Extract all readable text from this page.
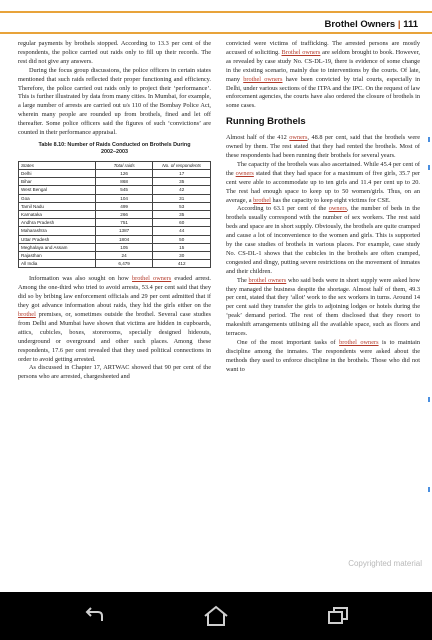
Brothel Owners | 111

regular payments by brothels stopped. According to 13.3 per cent of the respondents, the police carried out raids only to fill up their records. The rest did not give any answers.

During the focus group discussions, the police officers in certain states mentioned that such raids reflected their proper functioning and efficiency. Therefore, the police carried out raids only to project their ‘performance’. This is further illustrated by data from many cities. In Mumbai, for example, a large number of arrests are carried out u/s 110 of the Bombay Police Act, wherein many people are rounded up from brothels, fined and let off thereafter. Some police officers said the figures of such ‘convictions’ are counted in their performance appraisal.

Table 8.10: Number of Raids Conducted on Brothels During
2002–2003
States	Total raids	No. of respondents
Delhi	126	17
Bihar	868	35
West Bengal	545	42
Goa	104	31
Tamil Nadu	499	53
Karnataka	266	35
Andhra Pradesh	751	60
Maharashtra	1387	44
Uttar Pradesh	1804	50
Meghalaya and Assam	105	15
Rajasthan	24	30
All India	6,479	412

Information was also sought on how brothel owners evaded arrest. Among the one-third who tried to avoid arrests, 53.4 per cent said that they did so by bribing law enforcement officials and 29 per cent admitted that if they got advance information about raids, they hid the girls either on the brothel premises, or, sometimes outside the brothel. Several case studies from Delhi and Mumbai have shown that victims are hidden in cupboards, attics, cubicles, boxes, storerooms, specially designed hideouts, underground or overground and other such places. Among these respondents, 17.6 per cent revealed that they used political connections in order to avoid getting arrested.

As discussed in Chapter 17, ARTWAC showed that 90 per cent of the persons who are arrested, chargesheeted and

convicted were victims of trafficking. The arrested persons are mostly accused of soliciting. Brothel owners are seldom brought to book. However, as revealed by case study No. CS-DL-19, there is evidence of some change in the existing scenario, mainly due to interventions by the courts. Of late, many brothel owners have been convicted by trial courts, especially in Delhi, under various sections of the ITPA and the IPC. On the request of law enforcement agencies, the courts have also ordered the closure of brothels in some cases.

Running Brothels

Almost half of the 412 owners, 48.8 per cent, said that the brothels were owned by them. The rest stated that they had rented the brothels. Most of these respondents had been running their brothels for several years.

The capacity of the brothels was also ascertained. While 45.4 per cent of the owners stated that they had space for a maximum of five girls, 35.7 per cent were able to accommodate up to ten girls and 11.4 per cent up to 20. The rest had enough space to keep up to 50 women/girls. Thus, on an average, a brothel has the capacity to keep eight victims for CSE.

According to 63.1 per cent of the owners, the number of beds in the brothels usually correspond with the number of sex workers. The rest said beds and space are in short supply. Obviously, the brothels are quite cramped and cause a lot of inconvenience to the women and girls. This is supported by the case studies of brothels in various places. For example, case study No. CS-DL-1 shows that the cubicles in the brothels are often cramped, congested and dingy, putting severe restrictions on the movement of inmates and their children.

The brothel owners who said beds were in short supply were asked how they managed the business despite the shortage. Almost half of them, 49.3 per cent, stated that they ‘allot’ work to the sex workers in turns. Around 14 per cent said they transfer the girls to adjoining lodges or hotels during the ‘peak’ demand period. The rest of them disclosed that they resort to makeshift arrangements utilising all the available space, such as floors and terraces.

One of the most important tasks of brothel owners is to maintain discipline among the inmates. The respondents were asked about the methods they used to enforce discipline in the brothels. Those who did not want to

Copyrighted material
